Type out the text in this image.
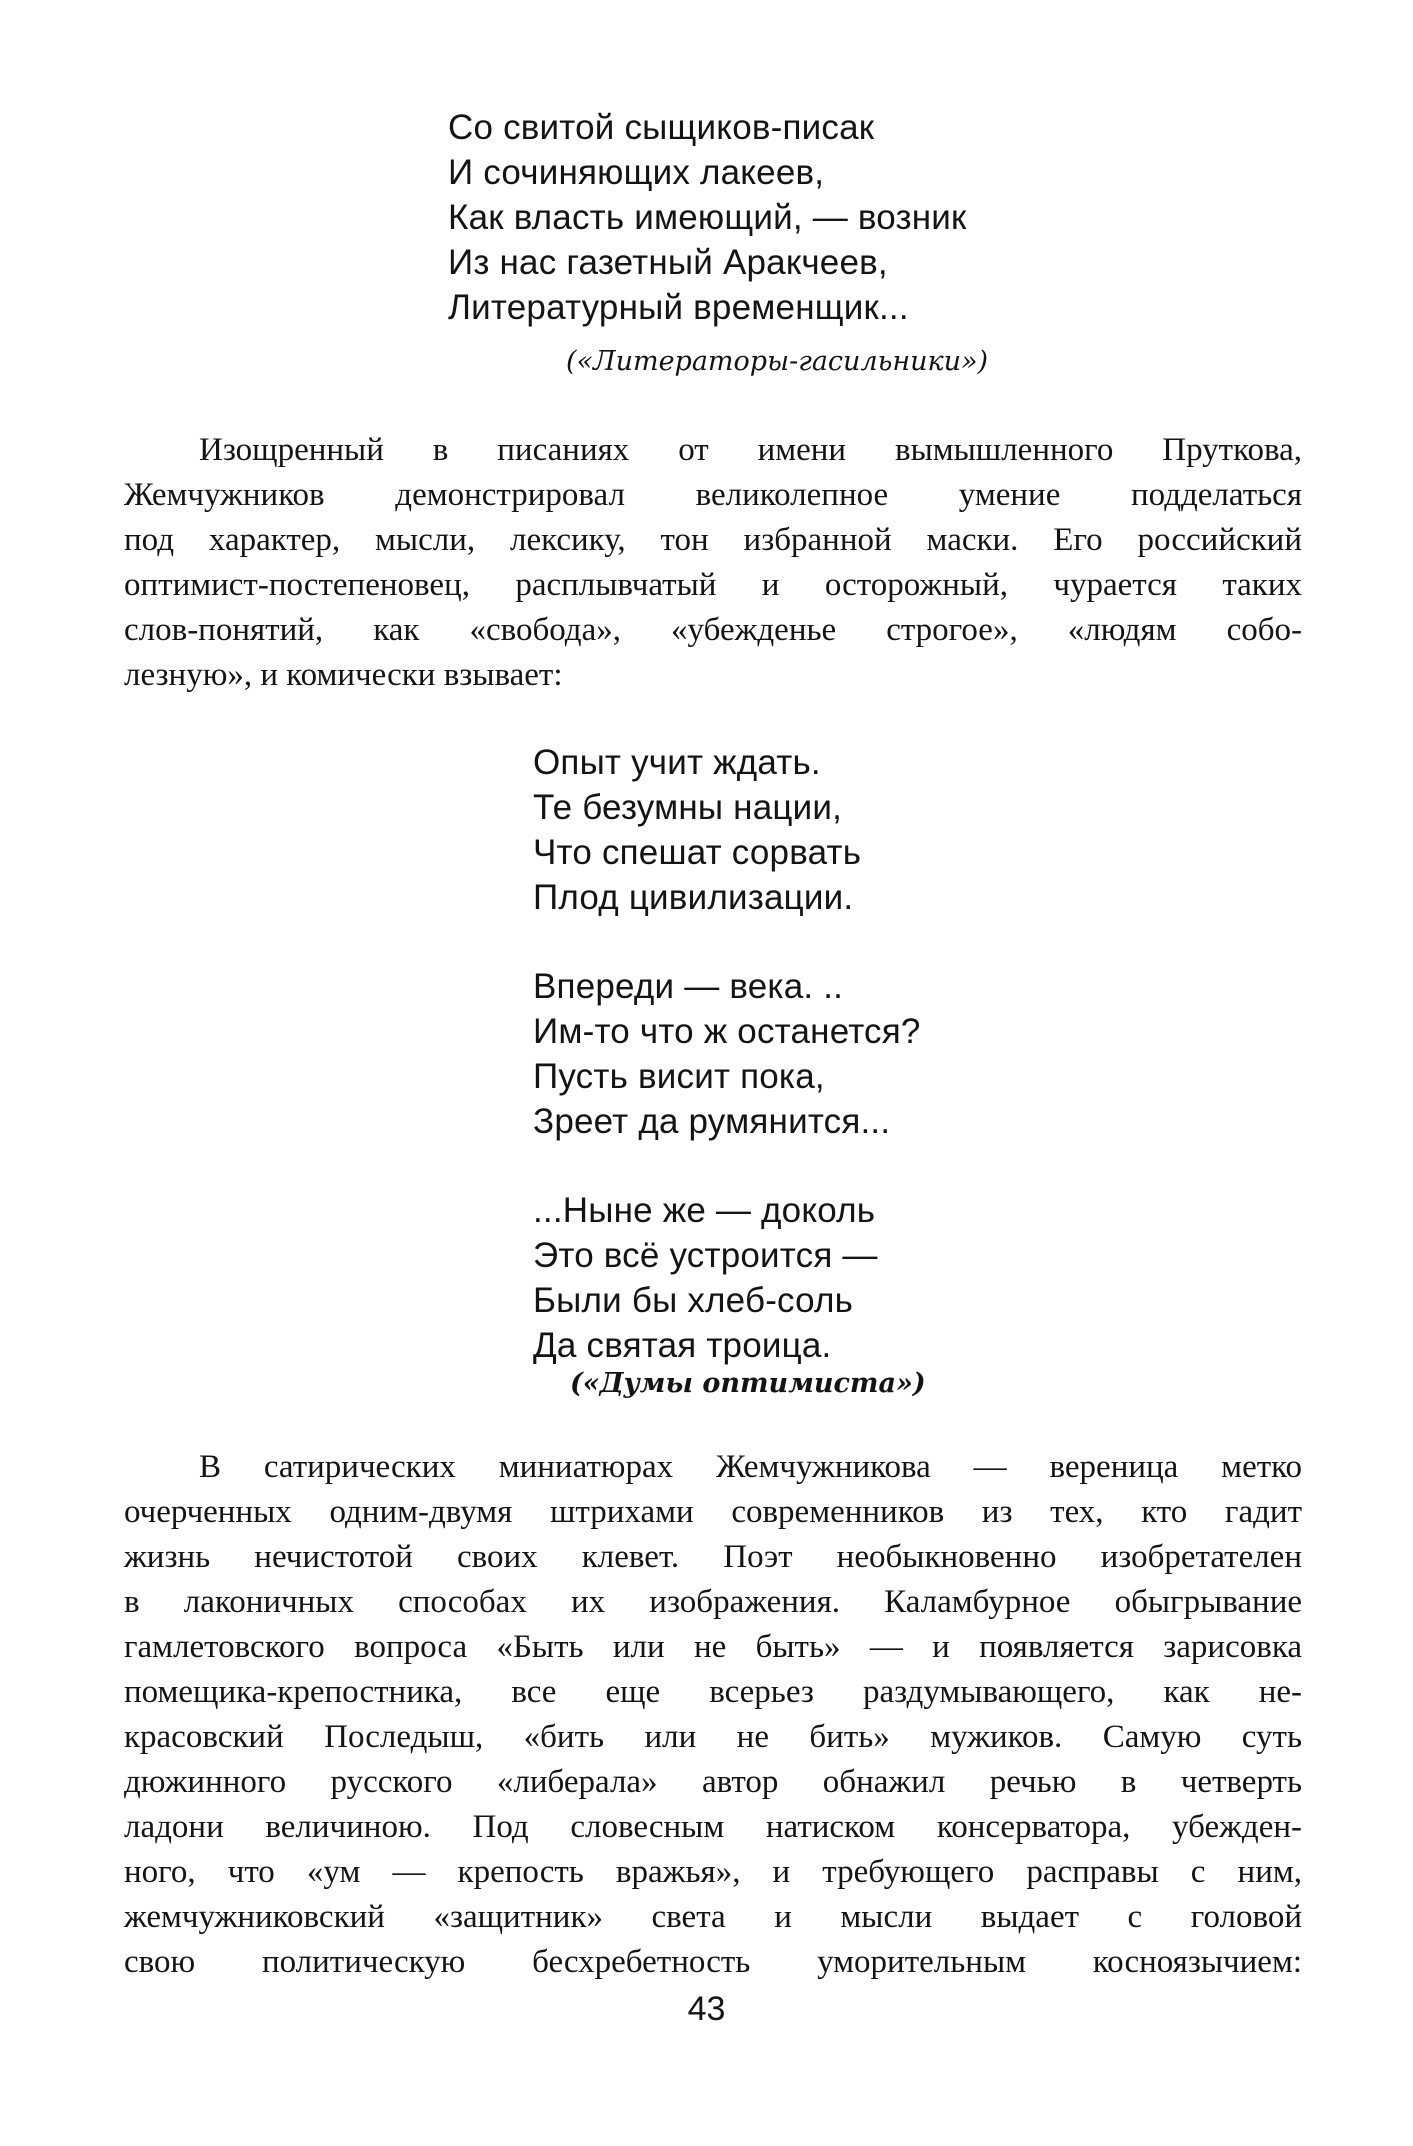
Со свитой сыщиков-писак
И сочиняющих лакеев,
Как власть имеющий, — возник
Из нас газетный Аракчеев,
Литературный временщик...
(«Литераторы-гасильники»)
Изощренный в писаниях от имени вымышленного Пруткова,
Жемчужников демонстрировал великолепное умение подделаться
под характер, мысли, лексику, тон избранной маски. Его российский
оптимист-постепеновец, расплывчатый и осторожный, чурается таких
слов-понятий, как «свобода», «убежденье строгое», «людям собо-
лезную», и комически взывает:
Опыт учит ждать.
Те безумны нации,
Что спешат сорвать
Плод цивилизации.
Впереди — века. ..
Им-то что ж останется?
Пусть висит пока,
Зреет да румянится...
...Ныне же — доколь
Это всё устроится —
Были бы хлеб-соль
Да святая троица.
(«Думы оптимиста»)
В сатирических миниатюрах Жемчужникова — вереница метко
очерченных одним-двумя штрихами современников из тех, кто гадит
жизнь нечистотой своих клевет. Поэт необыкновенно изобретателен
в лаконичных способах их изображения. Каламбурное обыгрывание
гамлетовского вопроса «Быть или не быть» — и появляется зарисовка
помещика-крепостника, все еще всерьез раздумывающего, как не-
красовский Последыш, «бить или не бить» мужиков. Самую суть
дюжинного русского «либерала» автор обнажил речью в четверть
ладони величиною. Под словесным натиском консерватора, убежден-
ного, что «ум — крепость вражья», и требующего расправы с ним,
жемчужниковский «защитник» света и мысли выдает с головой
свою политическую бесхребетность уморительным косноязычием:
43
